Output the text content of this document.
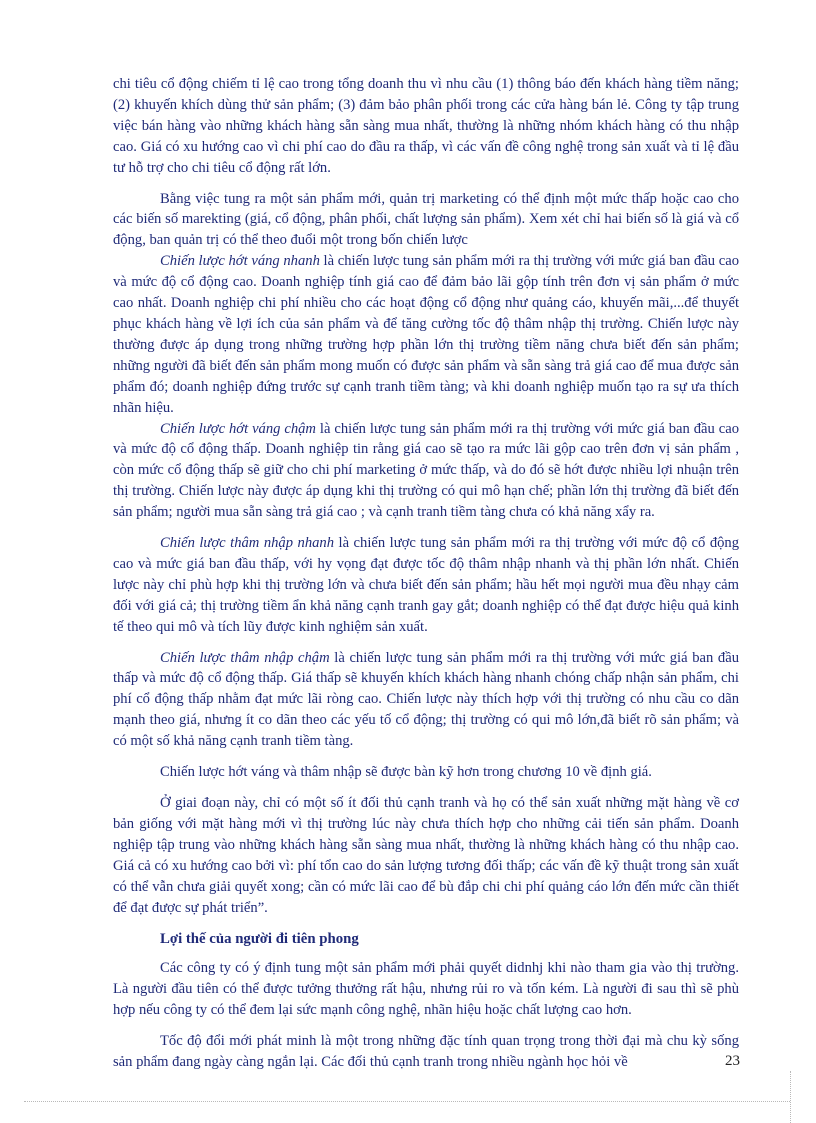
chi tiêu cổ động chiếm tỉ lệ cao trong tổng doanh thu vì nhu cầu (1) thông báo đến khách hàng tiềm năng; (2) khuyến khích dùng thử sản phẩm; (3) đảm bảo phân phối trong các cửa hàng bán lẻ. Công ty tập trung việc bán hàng vào những khách hàng sẵn sàng mua nhất, thường là những nhóm khách hàng có thu nhập cao. Giá có xu hướng cao vì chi phí cao do đầu ra thấp, vì các vấn đề công nghệ trong sản xuất và tỉ lệ đầu tư hỗ trợ cho chi tiêu cổ động rất lớn.

Bằng việc tung ra một sản phẩm mới, quản trị marketing có thể định một mức thấp hoặc cao cho các biến số marekting (giá, cổ động, phân phối, chất lượng sản phẩm). Xem xét chỉ hai biến số là giá và cổ động, ban quản trị có thể theo đuổi một trong bốn chiến lược

Chiến lược hớt váng nhanh là chiến lược tung sản phẩm mới ra thị trường với mức giá ban đầu cao và mức độ cổ động cao. Doanh nghiệp tính giá cao để đảm bảo lãi gộp tính trên đơn vị sản phẩm ở mức cao nhất. Doanh nghiệp chi phí nhiều cho các hoạt động cổ động như quảng cáo, khuyến mãi,...để thuyết phục khách hàng về lợi ích của sản phẩm và để tăng cường tốc độ thâm nhập thị trường. Chiến lược này thường được áp dụng trong những trường hợp phần lớn thị trường tiềm năng chưa biết đến sản phẩm; những người đã biết đến sản phẩm mong muốn có được sản phẩm và sẵn sàng trả giá cao để mua được sản phẩm đó; doanh nghiệp đứng trước sự cạnh tranh tiềm tàng; và khi doanh nghiệp muốn tạo ra sự ưa thích nhãn hiệu.

Chiến lược hớt váng chậm là chiến lược tung sản phẩm mới ra thị trường với mức giá ban đầu cao và mức độ cổ động thấp. Doanh nghiệp tin rằng giá cao sẽ tạo ra mức lãi gộp cao trên đơn vị sản phẩm , còn mức cổ động thấp sẽ giữ cho chi phí marketing ở mức thấp, và do đó sẽ hớt được nhiều lợi nhuận trên thị trường. Chiến lược này được áp dụng khi thị trường có qui mô hạn chế; phần lớn thị trường đã biết đến sản phẩm; người mua sẵn sàng trả giá cao ; và cạnh tranh tiềm tàng chưa có khả năng xẩy ra.

Chiến lược thâm nhập nhanh là chiến lược tung sản phẩm mới ra thị trường với mức độ cổ động cao và mức giá ban đầu thấp, với hy vọng đạt được tốc độ thâm nhập nhanh và thị phần lớn nhất. Chiến lược này chỉ phù hợp khi thị trường lớn và chưa biết đến sản phẩm; hầu hết mọi người mua đều nhạy cảm đối với giá cả; thị trường tiềm ẩn khả năng cạnh tranh gay gắt; doanh nghiệp có thể đạt được hiệu quả kinh tế theo qui mô và tích lũy được kinh nghiệm sản xuất.

Chiến lược thâm nhập chậm là chiến lược tung sản phẩm mới ra thị trường với mức giá ban đầu thấp và mức độ cổ động thấp. Giá thấp sẽ khuyến khích khách hàng nhanh chóng chấp nhận sản phẩm, chi phí cổ động thấp nhằm đạt mức lãi ròng cao. Chiến lược này thích hợp với thị trường có nhu cầu co dãn mạnh theo giá, nhưng ít co dãn theo các yếu tố cổ động; thị trường có qui mô lớn,đã biết rõ sản phẩm; và có một số khả năng cạnh tranh tiềm tàng.

Chiến lược hớt váng và thâm nhập sẽ được bàn kỹ hơn trong chương 10 về định giá.

Ở giai đoạn này, chỉ có một số ít đối thủ cạnh tranh và họ có thể sản xuất những mặt hàng về cơ bản giống với mặt hàng mới vì thị trường lúc này chưa thích hợp cho những cải tiến sản phẩm. Doanh nghiệp tập trung vào những khách hàng sẵn sàng mua nhất, thường là những khách hàng có thu nhập cao. Giá cả có xu hướng cao bởi vì: phí tổn cao do sản lượng tương đối thấp; các vấn đề kỹ thuật trong sản xuất có thể vẫn chưa giải quyết xong; cần có mức lãi cao để bù đắp chi chi phí quảng cáo lớn đến mức cần thiết để đạt được sự phát triển”.

Lợi thế của người đi tiên phong

Các công ty có ý định tung một sản phẩm mới phải quyết didnhj khi nào tham gia vào thị trường. Là người đầu tiên có thể được tưởng thưởng rất hậu, nhưng rủi ro và tốn kém. Là người đi sau thì sẽ phù hợp nếu công ty có thể đem lại sức mạnh công nghệ, nhãn hiệu hoặc chất lượng cao hơn.

Tốc độ đổi mới phát minh là một trong những đặc tính quan trọng trong thời đại mà chu kỳ sống sản phẩm đang ngày càng ngắn lại. Các đối thủ cạnh tranh trong nhiều ngành học hỏi về	23
